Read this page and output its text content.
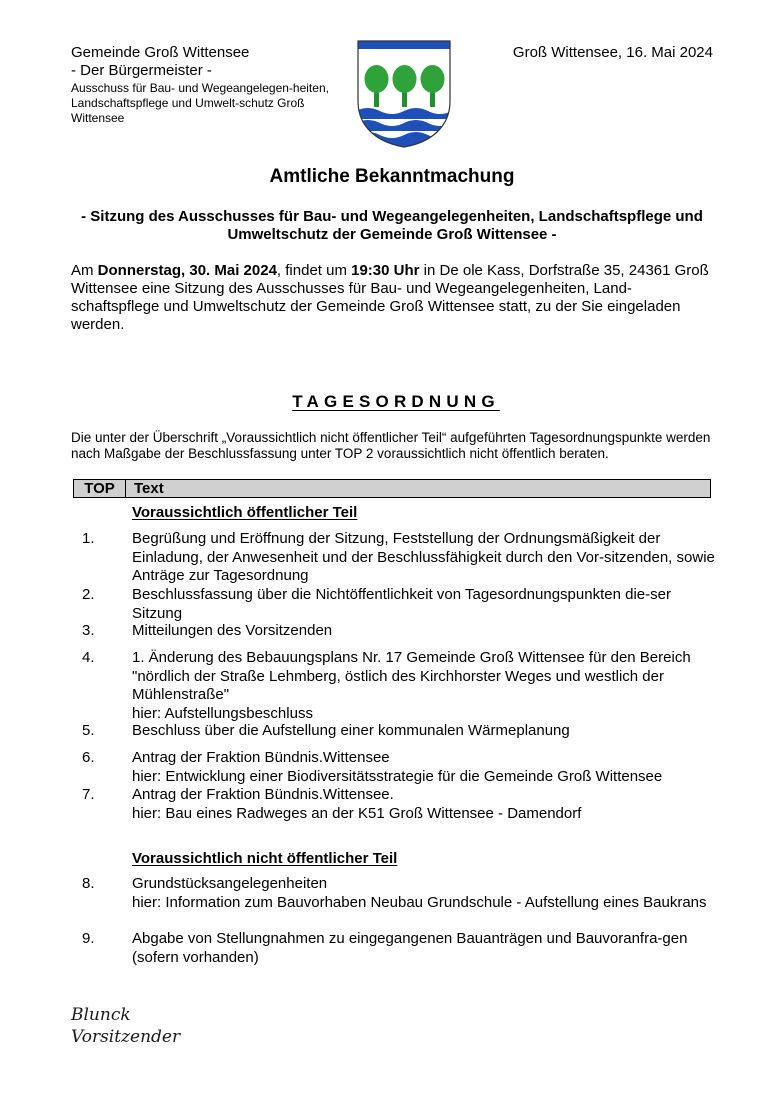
Gemeinde Groß Wittensee
- Der Bürgermeister -
Ausschuss für Bau- und Wegeangelegen-heiten, Landschaftspflege und Umwelt-schutz Groß Wittensee
Groß Wittensee, 16. Mai 2024
Amtliche Bekanntmachung
- Sitzung des Ausschusses für Bau- und Wegeangelegenheiten, Landschaftspflege und Umweltschutz der Gemeinde Groß Wittensee -
Am Donnerstag, 30. Mai 2024, findet um 19:30 Uhr in De ole Kass, Dorfstraße 35, 24361 Groß Wittensee eine Sitzung des Ausschusses für Bau- und Wegeangelegenheiten, Land-schaftspflege und Umweltschutz der Gemeinde Groß Wittensee statt, zu der Sie eingeladen werden.
TAGESORDNUNG
Die unter der Überschrift „Voraussichtlich nicht öffentlicher Teil“ aufgeführten Tagesordnungspunkte werden nach Maßgabe der Beschlussfassung unter TOP 2 voraussichtlich nicht öffentlich beraten.
TOP	Text
Voraussichtlich öffentlicher Teil
1. Begrüßung und Eröffnung der Sitzung, Feststellung der Ordnungsmäßigkeit der Einladung, der Anwesenheit und der Beschlussfähigkeit durch den Vor-sitzenden, sowie Anträge zur Tagesordnung
2. Beschlussfassung über die Nichtöffentlichkeit von Tagesordnungspunkten die-ser Sitzung
3. Mitteilungen des Vorsitzenden
4. 1. Änderung des Bebauungsplans Nr. 17 Gemeinde Groß Wittensee für den Bereich "nördlich der Straße Lehmberg, östlich des Kirchhorster Weges und westlich der Mühlenstraße"
hier: Aufstellungsbeschluss
5. Beschluss über die Aufstellung einer kommunalen Wärmeplanung
6. Antrag der Fraktion Bündnis.Wittensee
hier: Entwicklung einer Biodiversitätsstrategie für die Gemeinde Groß Wittensee
7. Antrag der Fraktion Bündnis.Wittensee.
hier: Bau eines Radweges an der K51 Groß Wittensee - Damendorf
Voraussichtlich nicht öffentlicher Teil
8. Grundstücksangelegenheiten
hier: Information zum Bauvorhaben Neubau Grundschule - Aufstellung eines Baukrans
9. Abgabe von Stellungnahmen zu eingegangenen Bauanträgen und Bauvoranfra-gen (sofern vorhanden)
Blunck
Vorsitzender
